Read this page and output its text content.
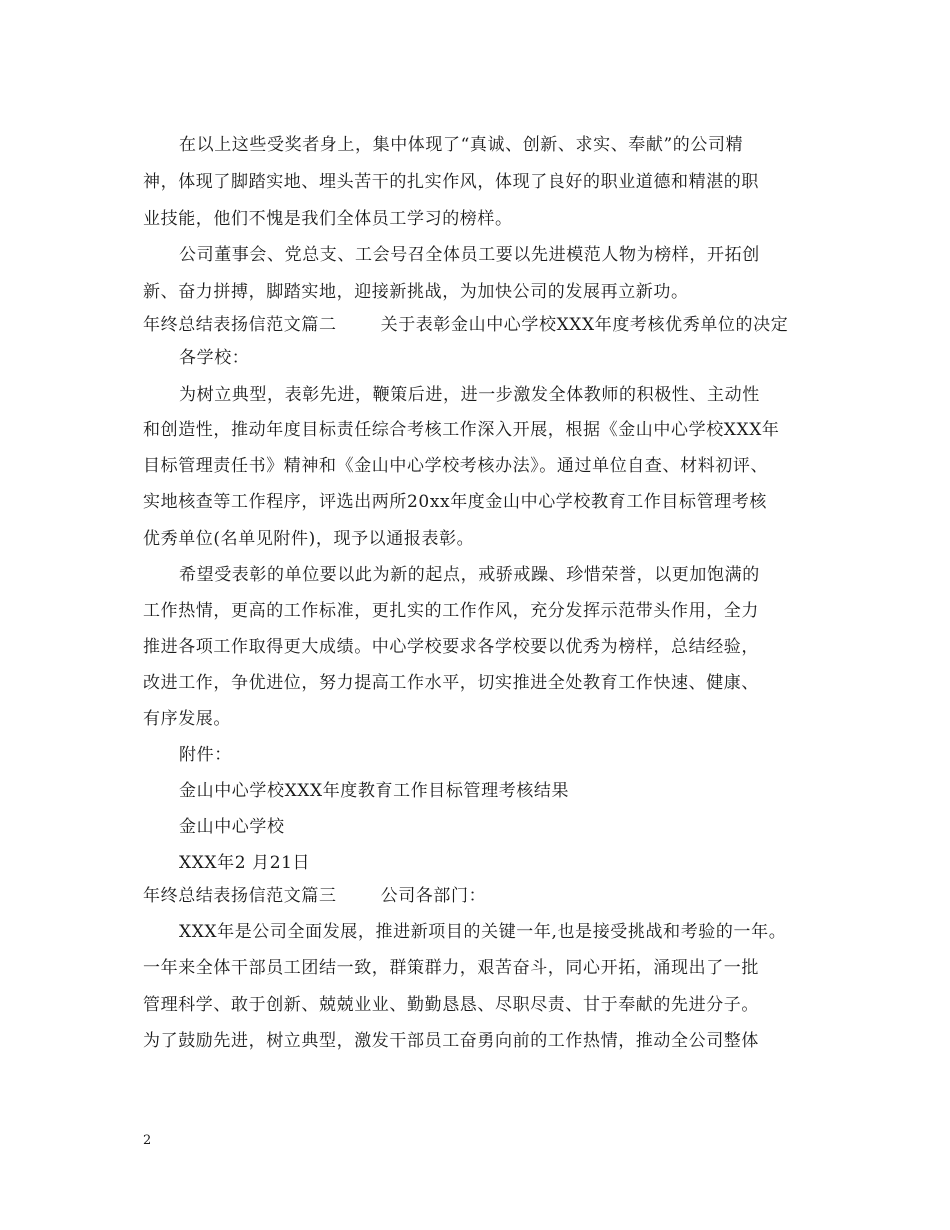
在以上这些受奖者身上，集中体现了“真诚、创新、求实、奉献”的公司精
神，体现了脚踏实地、埋头苦干的扎实作风，体现了良好的职业道德和精湛的职
业技能，他们不愧是我们全体员工学习的榜样。
公司董事会、党总支、工会号召全体员工要以先进模范人物为榜样，开拓创
新、奋力拼搏，脚踏实地，迎接新挑战，为加快公司的发展再立新功。
年终总结表扬信范文篇二	关于表彰金山中心学校XXX年度考核优秀单位的决定
各学校：
为树立典型，表彰先进，鞭策后进，进一步激发全体教师的积极性、主动性
和创造性，推动年度目标责任综合考核工作深入开展，根据《金山中心学校XXX年
目标管理责任书》精神和《金山中心学校考核办法》。通过单位自查、材料初评、
实地核查等工作程序，评选出两所20xx年度金山中心学校教育工作目标管理考核
优秀单位(名单见附件)，现予以通报表彰。
希望受表彰的单位要以此为新的起点，戒骄戒躁、珍惜荣誉，以更加饱满的
工作热情，更高的工作标准，更扎实的工作作风，充分发挥示范带头作用，全力
推进各项工作取得更大成绩。中心学校要求各学校要以优秀为榜样，总结经验，
改进工作，争优进位，努力提高工作水平，切实推进全处教育工作快速、健康、
有序发展。
附件：
金山中心学校XXX年度教育工作目标管理考核结果
金山中心学校
XXX年2 月21日
年终总结表扬信范文篇三	公司各部门：
XXX年是公司全面发展，推进新项目的关键一年,也是接受挑战和考验的一年。
一年来全体干部员工团结一致，群策群力，艰苦奋斗，同心开拓，涌现出了一批
管理科学、敢于创新、兢兢业业、勤勤恳恳、尽职尽责、甘于奉献的先进分子。
为了鼓励先进，树立典型，激发干部员工奋勇向前的工作热情，推动全公司整体
2
